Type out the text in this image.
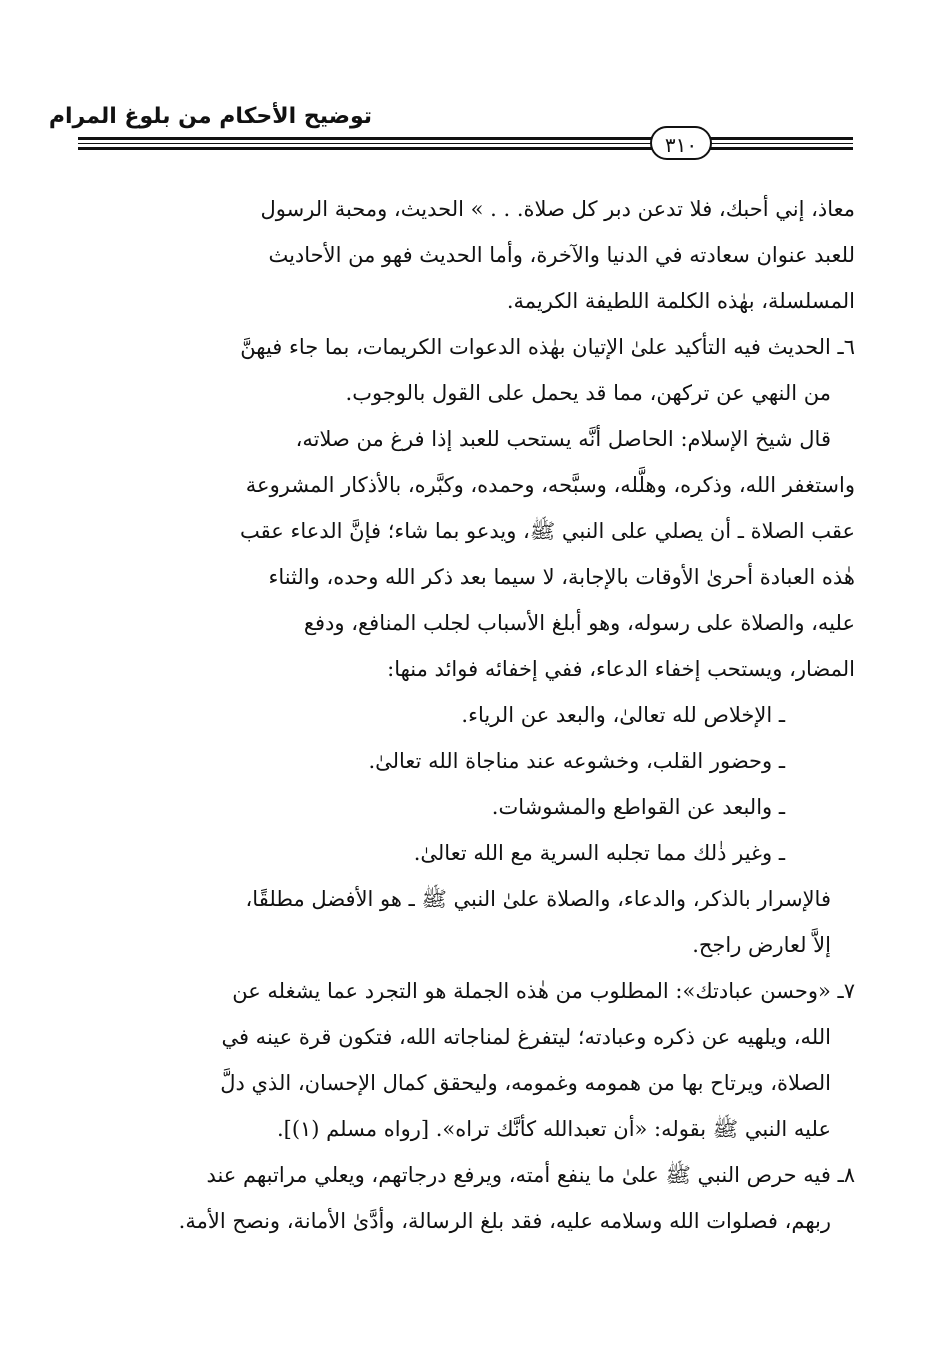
توضيح الأحكام من بلوغ المرام
٣١٠
معاذ، إني أحبك، فلا تدعن دبر كل صلاة. . . » الحديث، ومحبة الرسول
للعبد عنوان سعادته في الدنيا والآخرة، وأما الحديث فهو من الأحاديث
المسلسلة، بهٰذه الكلمة اللطيفة الكريمة.
٦ـ الحديث فيه التأكيد علىٰ الإتيان بهٰذه الدعوات الكريمات، بما جاء فيهنَّ
من النهي عن تركهن، مما قد يحمل على القول بالوجوب.
قال شيخ الإسلام: الحاصل أنَّه يستحب للعبد إذا فرغ من صلاته،
واستغفر الله، وذكره، وهلَّله، وسبَّحه، وحمده، وكبَّره، بالأذكار المشروعة
عقب الصلاة ـ أن يصلي على النبي ﷺ، ويدعو بما شاء؛ فإنَّ الدعاء عقب
هٰذه العبادة أحرىٰ الأوقات بالإجابة، لا سيما بعد ذكر الله وحده، والثناء
عليه، والصلاة على رسوله، وهو أبلغ الأسباب لجلب المنافع، ودفع
المضار، ويستحب إخفاء الدعاء، ففي إخفائه فوائد منها:
ـ الإخلاص لله تعالىٰ، والبعد عن الرياء.
ـ وحضور القلب، وخشوعه عند مناجاة الله تعالىٰ.
ـ والبعد عن القواطع والمشوشات.
ـ وغير ذٰلك مما تجلبه السرية مع الله تعالىٰ.
فالإسرار بالذكر، والدعاء، والصلاة علىٰ النبي ﷺ ـ هو الأفضل مطلقًا،
إلاَّ لعارض راجح.
٧ـ «وحسن عبادتك»: المطلوب من هٰذه الجملة هو التجرد عما يشغله عن
الله، ويلهيه عن ذكره وعبادته؛ ليتفرغ لمناجاته الله، فتكون قرة عينه في
الصلاة، ويرتاح بها من همومه وغمومه، وليحقق كمال الإحسان، الذي دلَّ
عليه النبي ﷺ بقوله: «أن تعبدالله كأنَّك تراه». [رواه مسلم (١)].
٨ـ فيه حرص النبي ﷺ علىٰ ما ينفع أمته، ويرفع درجاتهم، ويعلي مراتبهم عند
ربهم، فصلوات الله وسلامه عليه، فقد بلغ الرسالة، وأدَّىٰ الأمانة، ونصح الأمة.
